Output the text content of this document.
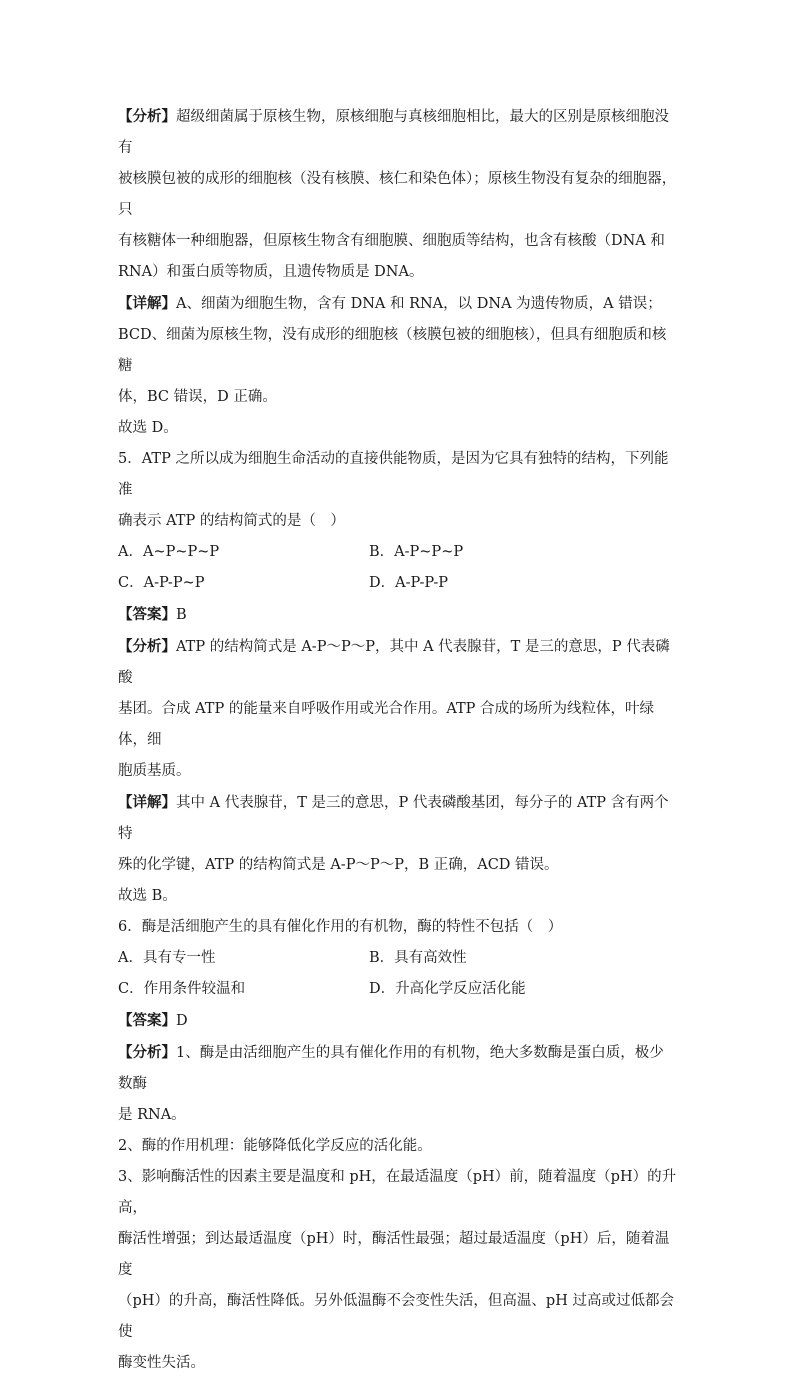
【分析】超级细菌属于原核生物，原核细胞与真核细胞相比，最大的区别是原核细胞没有

被核膜包被的成形的细胞核（没有核膜、核仁和染色体）；原核生物没有复杂的细胞器，只

有核糖体一种细胞器，但原核生物含有细胞膜、细胞质等结构，也含有核酸（DNA 和

RNA）和蛋白质等物质，且遗传物质是 DNA。

【详解】A、细菌为细胞生物，含有 DNA 和 RNA，以 DNA 为遗传物质，A 错误；

BCD、细菌为原核生物，没有成形的细胞核（核膜包被的细胞核），但具有细胞质和核糖

体，BC 错误，D 正确。

故选 D。

5．ATP 之所以成为细胞生命活动的直接供能物质，是因为它具有独特的结构，下列能准

确表示 ATP 的结构简式的是（　）

A．A~P~P~P	B．A-P~P~P
C．A-P-P~P	D．A-P-P-P

【答案】B

【分析】ATP 的结构简式是 A-P～P～P，其中 A 代表腺苷，T 是三的意思，P 代表磷酸

基团。合成 ATP 的能量来自呼吸作用或光合作用。ATP 合成的场所为线粒体，叶绿体，细

胞质基质。

【详解】其中 A 代表腺苷，T 是三的意思，P 代表磷酸基团，每分子的 ATP 含有两个特

殊的化学键，ATP 的结构简式是 A-P～P～P，B 正确，ACD 错误。

故选 B。

6．酶是活细胞产生的具有催化作用的有机物，酶的特性不包括（　）

A．具有专一性	B．具有高效性
C．作用条件较温和	D．升高化学反应活化能

【答案】D

【分析】1、酶是由活细胞产生的具有催化作用的有机物，绝大多数酶是蛋白质，极少数酶

是 RNA。

2、酶的作用机理：能够降低化学反应的活化能。

3、影响酶活性的因素主要是温度和 pH，在最适温度（pH）前，随着温度（pH）的升高，

酶活性增强；到达最适温度（pH）时，酶活性最强；超过最适温度（pH）后，随着温度

（pH）的升高，酶活性降低。另外低温酶不会变性失活，但高温、pH 过高或过低都会使

酶变性失活。
